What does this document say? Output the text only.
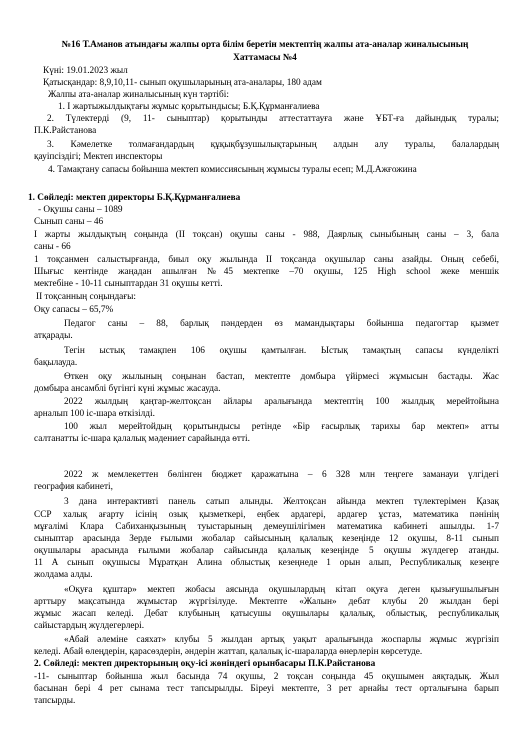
№16 Т.Аманов атындағы жалпы орта білім беретін мектептің жалпы ата-аналар жиналысының
Хаттамасы №4
Күні: 19.01.2023 жыл
Қатысқандар: 8,9,10,11- сынып оқушыларының ата-аналары, 180 адам
Жалпы ата-аналар жиналысының күн тәртібі:
1. І жартыжылдықтағы жұмыс қорытындысы; Б.Қ.Құрманғалиева
2. Түлектерді (9, 11- сыныптар) қорытынды аттестаттауға және ҰБТ-ға дайындық туралы;
П.К.Райстанова
3. Кәмелетке толмағандардың құқықбұзушылықтарының алдын алу туралы, балалардың
қауіпсіздігі; Мектеп инспекторы
4. Тамақтану сапасы бойынша мектеп комиссиясының жұмысы туралы есеп; М.Д.Ажғожина
1. Сөйледі: мектеп директоры Б.Қ.Құрманғалиева
- Оқушы саны – 1089
Сынып саны – 46
І жарты жылдықтың соңында (ІІ тоқсан) оқушы саны - 988, Даярлық сыныбының саны – 3, бала
саны - 66
1 тоқсанмен салыстырғанда, биыл оқу жылында ІІ тоқсанда оқушылар саны азайды. Оның себебі,
Шығыс кентінде жаңадан ашылған №45 мектепке –70 оқушы, 125 High school жеке меншік
мектебіне - 10-11 сыныптардан 31 оқушы кетті.
ІІ тоқсанның соңындағы:
Оқу сапасы – 65,7%
Педагог саны – 88, барлық пәндерден өз мамандықтары бойынша педагогтар қызмет
атқарады.
Тегін ыстық тамақпен 106 оқушы қамтылған. Ыстық тамақтың сапасы күнделікті
бақылауда.
Өткен оқу жылының соңынан бастап, мектепте домбыра үйірмесі жұмысын бастады. Жас
домбыра ансамблі бүгінгі күні жұмыс жасауда.
2022 жылдың қаңтар-желтоқсан айлары аралығында мектептің 100 жылдық мерейтойына
арналып 100 іс-шара өткізілді.
100 жыл мерейтойдың қорытындысы ретінде «Бір ғасырлық тарихы бар мектеп» атты
салтанатты іс-шара қалалық мәдениет сарайында өтті.
2022 ж мемлекеттен бөлінген бюджет қаражатына – 6 328 млн теңгеге заманауи үлгідегі
география кабинеті,
3 дана интерактивті панель сатып алынды. Желтоқсан айында мектеп түлектерімен Қазақ
ССР халық ағарту ісінің озық қызметкері, еңбек ардагері, ардагер ұстаз, математика пәнінің
мұғалімі Клара Сабиханқызының туыстарының демеушілігімен математика кабинеті ашылды. 1-7
сыныптар арасында Зерде ғылыми жобалар сайысының қалалық кезеңінде 12 оқушы, 8-11 сынып
оқушылары арасында ғылыми жобалар сайысында қалалық кезеңінде 5 оқушы жүлдегер атанды.
11 А сынып оқушысы Мұратқан Алина облыстық кезеңнеде 1 орын алып, Республикалық кезеңге
жолдама алды.
«Оқуға құштар» мектеп жобасы аясында оқушылардың кітап оқуға деген қызығушылығын
арттыру мақсатында жұмыстар жүргізілуде. Мектепте «Жалын» дебат клубы 20 жылдан бері
жұмыс жасап келеді. Дебат клубының қатысушы оқушылары қалалық, облыстық, республикалық
сайыстардың жүлдегерлері.
«Абай әлеміне саяхат» клубы 5 жылдан артық уақыт аралығында жоспарлы жұмыс жүргізіп
келеді. Абай өлеңдерін, қарасөздерін, әндерін жаттап, қалалық іс-шараларда өнерлерін көрсетуде.
2. Сөйледі: мектеп директорының оқу-ісі жөніндегі орынбасары П.К.Райстанова
-11- сыныптар бойынша жыл басында 74 оқушы, 2 тоқсан соңында 45 оқушымен аяқтадық. Жыл
басынан бері 4 рет сынама тест тапсырылды. Біреуі мектепте, 3 рет арнайы тест орталығына барып
тапсырды.
